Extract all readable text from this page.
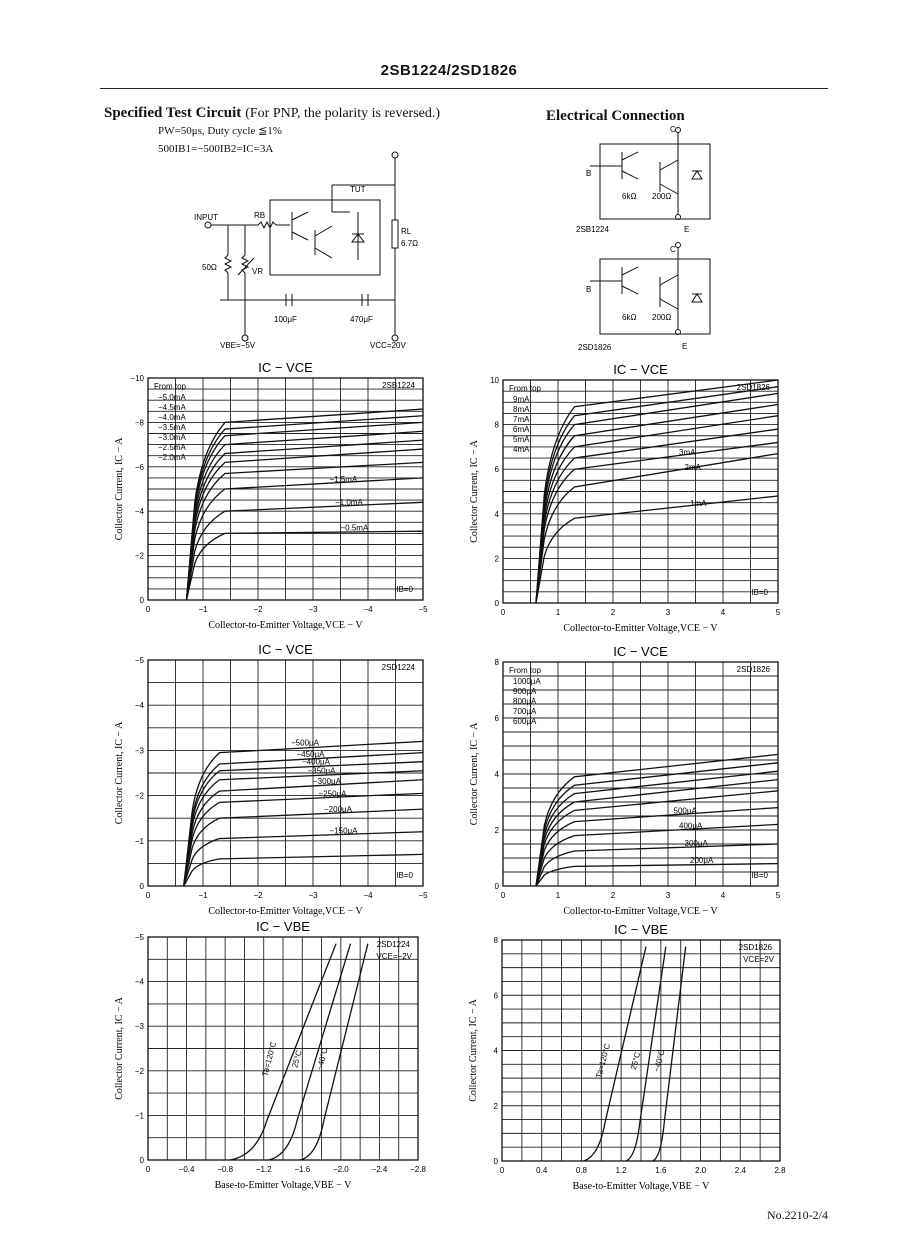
2SB1224/2SD1826
Specified Test Circuit (For PNP, the polarity is reversed.)
PW=50μs, Duty cycle ≦1%
500IB1=−500IB2=IC=3A
INPUT	RB
50Ω	VR
TUT
RL
6.7Ω
100μF	470μF
VBE=−5V	VCC=20V
Electrical Connection
C
B
E
6kΩ 200Ω
2SB1224
C
B
E
6kΩ 200Ω
2SD1826
0	−1	−2	−3	−4	−5
0
−2
−4
−6
−8
−10
IC − VCE
Collector-to-Emitter Voltage,VCE − V
Collector Current, IC − A
2SB1224
−1.5mA
−1.0mA
−0.5mA
From top
−5.0mA
−4.5mA
−4.0mA
−3.5mA
−3.0mA
−2.5mA
−2.0mA
IB=0
0	1	2	3	4	5
0
2
4
6
8
10
IC − VCE
Collector-to-Emitter Voltage,VCE − V
Collector Current, IC − A
2SD1826
3mA
2mA
1mA
From top
9mA
8mA
7mA
6mA
5mA
4mA
IB=0
0	−1	−2	−3	−4	−5
0
−1
−2
−3
−4
−5
IC − VCE
Collector-to-Emitter Voltage,VCE − V
Collector Current, IC − A
2SD1224
−500μA
−450μA
−400μA
−350μA
−300μA
−250μA
−200μA
−150μA
IB=0
0	1	2	3	4	5
0
2
4
6
8
IC − VCE
Collector-to-Emitter Voltage,VCE − V
Collector Current, IC − A
2SD1826
500μA
400μA
300μA
200μA
From top
1000μA
900μA
800μA
700μA
600μA
IB=0
0	−0.4	−0.8	−1.2	−1.6	−2.0	−2.4	−2.8
0
−1
−2
−3
−4
−5
IC − VBE
Base-to-Emitter Voltage,VBE − V
Collector Current, IC − A
2SD1224
VCE=−2V
Ta=120°C 25°C −40°C
0	0.4	0.8	1.2	1.6	2.0	2.4	2.8
0
2
4
6
8
IC − VBE
Base-to-Emitter Voltage,VBE − V
Collector Current, IC − A
2SD1826
VCE=2V
Ta=120°C 25°C −40°C
No.2210-2/4
